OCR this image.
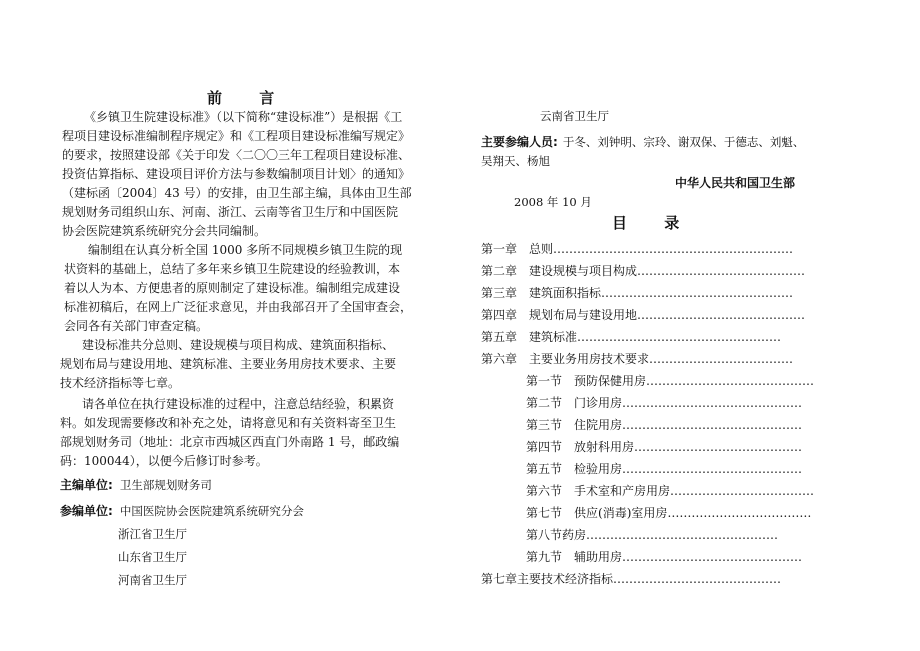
前 言
《乡镇卫生院建设标准》（以下简称“建设标准”）是根据《工
程项目建设标准编制程序规定》和《工程项目建设标准编写规定》
的要求，按照建设部《关于印发〈二〇〇三年工程项目建设标准、
投资估算指标、建设项目评价方法与参数编制项目计划〉的通知》
（建标函〔2004〕43 号）的安排，由卫生部主编，具体由卫生部
规划财务司组织山东、河南、浙江、云南等省卫生厅和中国医院
协会医院建筑系统研究分会共同编制。
编制组在认真分析全国 1000 多所不同规模乡镇卫生院的现
状资料的基础上，总结了多年来乡镇卫生院建设的经验教训，本
着以人为本、方便患者的原则制定了建设标准。编制组完成建设
标准初稿后，在网上广泛征求意见，并由我部召开了全国审查会，
会同各有关部门审查定稿。
建设标准共分总则、建设规模与项目构成、建筑面积指标、
规划布局与建设用地、建筑标准、主要业务用房技术要求、主要
技术经济指标等七章。
请各单位在执行建设标准的过程中，注意总结经验，积累资
料。如发现需要修改和补充之处，请将意见和有关资料寄至卫生
部规划财务司（地址：北京市西城区西直门外南路 1 号，邮政编
码：100044），以便今后修订时参考。
主编单位: 卫生部规划财务司
参编单位: 中国医院协会医院建筑系统研究分会
浙江省卫生厅
山东省卫生厅
河南省卫生厅
云南省卫生厅
主要参编人员: 于冬、刘钟明、宗玲、谢双保、于德志、刘魁、
吴翔天、杨旭
中华人民共和国卫生部
2008 年 10 月
目 录
第一章 总则……………………………………………………
第二章 建设规模与项目构成……………………………………
第三章 建筑面积指标…………………………………………
第四章 规划布局与建设用地……………………………………
第五章 建筑标准……………………………………………
第六章 主要业务用房技术要求………………………………
第一节 预防保健用房……………………………………
第二节 门诊用房………………………………………
第三节 住院用房………………………………………
第四节 放射科用房……………………………………
第五节 检验用房………………………………………
第六节 手术室和产房用房………………………………
第七节 供应(消毒)室用房………………………………
第八节药房…………………………………………
第九节 辅助用房………………………………………
第七章主要技术经济指标……………………………………
